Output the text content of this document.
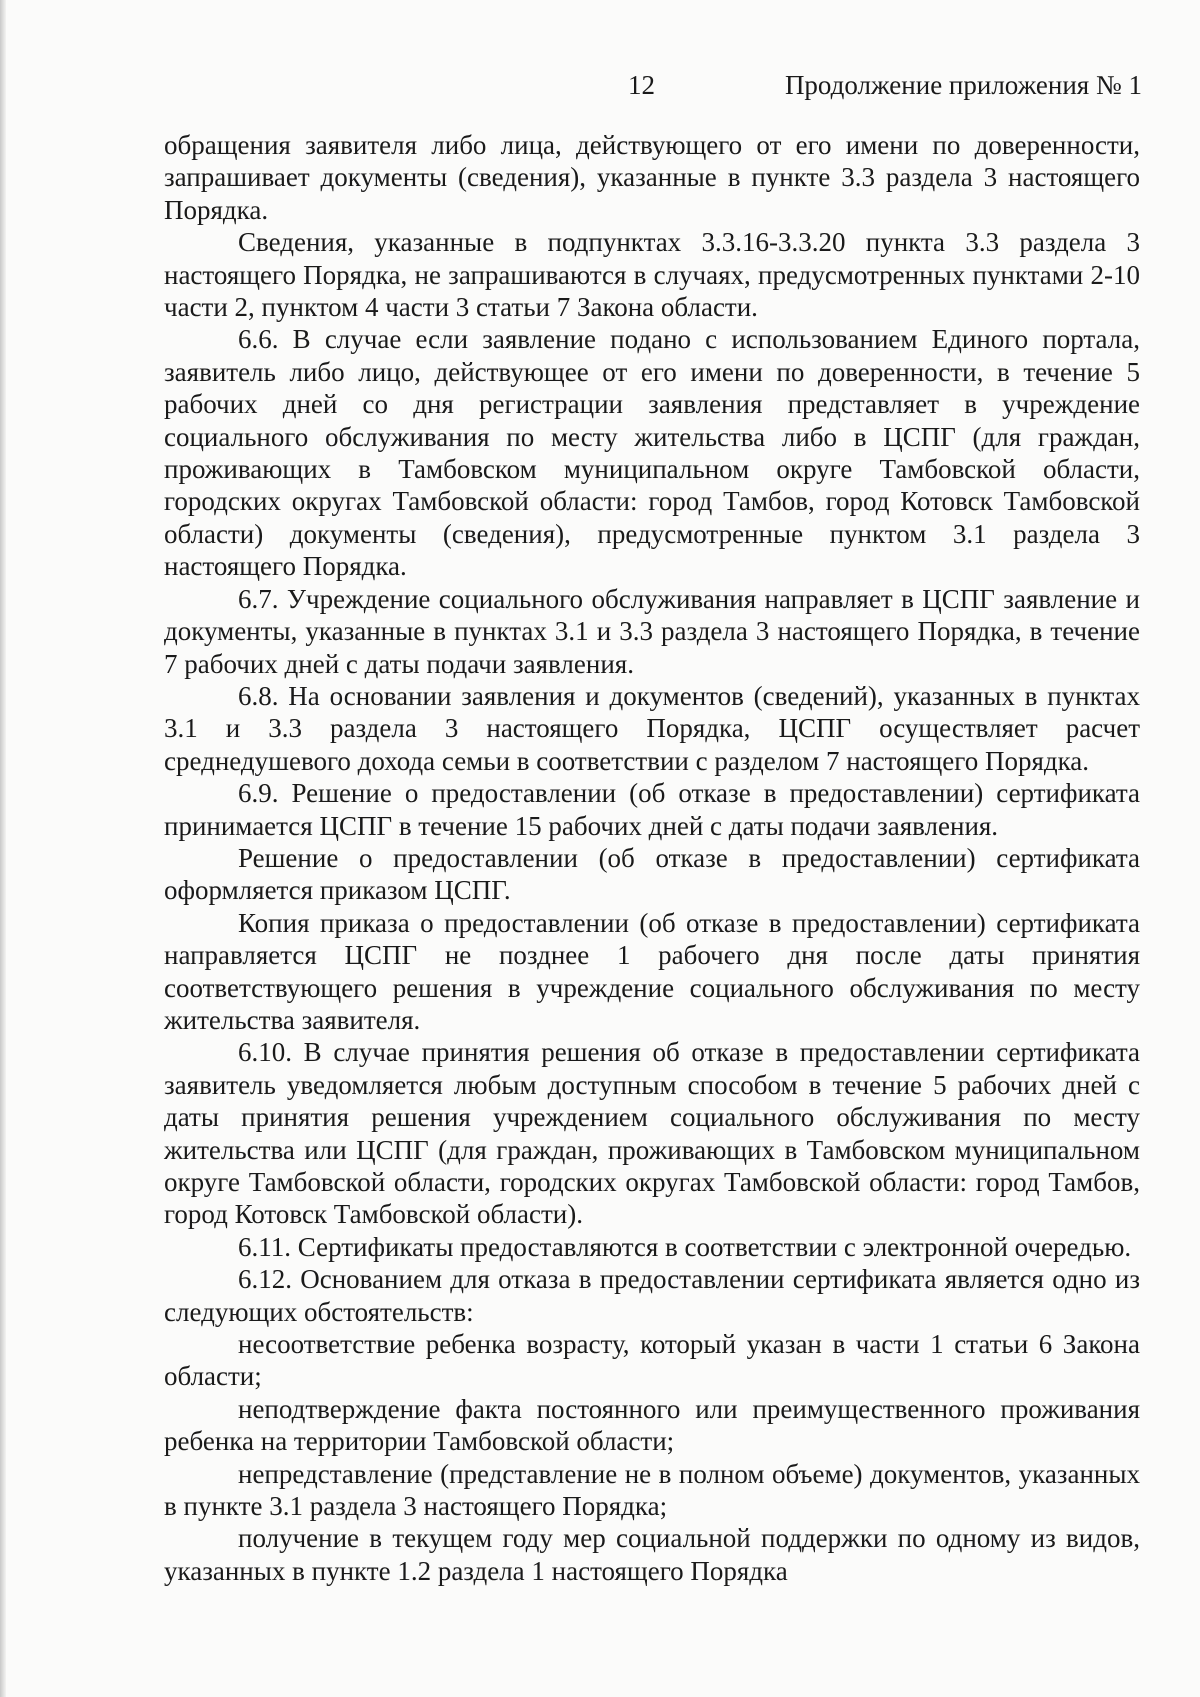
12	Продолжение приложения № 1

обращения заявителя либо лица, действующего от его имени по доверенности, запрашивает документы (сведения), указанные в пункте 3.3 раздела 3 настоящего Порядка.

Сведения, указанные в подпунктах 3.3.16-3.3.20 пункта 3.3 раздела 3 настоящего Порядка, не запрашиваются в случаях, предусмотренных пунктами 2-10 части 2, пунктом 4 части 3 статьи 7 Закона области.

6.6. В случае если заявление подано с использованием Единого портала, заявитель либо лицо, действующее от его имени по доверенности, в течение 5 рабочих дней со дня регистрации заявления представляет в учреждение социального обслуживания по месту жительства либо в ЦСПГ (для граждан, проживающих в Тамбовском муниципальном округе Тамбовской области, городских округах Тамбовской области: город Тамбов, город Котовск Тамбовской области) документы (сведения), предусмотренные пунктом 3.1 раздела 3 настоящего Порядка.

6.7. Учреждение социального обслуживания направляет в ЦСПГ заявление и документы, указанные в пунктах 3.1 и 3.3 раздела 3 настоящего Порядка, в течение 7 рабочих дней с даты подачи заявления.

6.8. На основании заявления и документов (сведений), указанных в пунктах 3.1 и 3.3 раздела 3 настоящего Порядка, ЦСПГ осуществляет расчет среднедушевого дохода семьи в соответствии с разделом 7 настоящего Порядка.

6.9. Решение о предоставлении (об отказе в предоставлении) сертификата принимается ЦСПГ в течение 15 рабочих дней с даты подачи заявления.

Решение о предоставлении (об отказе в предоставлении) сертификата оформляется приказом ЦСПГ.

Копия приказа о предоставлении (об отказе в предоставлении) сертификата направляется ЦСПГ не позднее 1 рабочего дня после даты принятия соответствующего решения в учреждение социального обслуживания по месту жительства заявителя.

6.10. В случае принятия решения об отказе в предоставлении сертификата заявитель уведомляется любым доступным способом в течение 5 рабочих дней с даты принятия решения учреждением социального обслуживания по месту жительства или ЦСПГ (для граждан, проживающих в Тамбовском муниципальном округе Тамбовской области, городских округах Тамбовской области: город Тамбов, город Котовск Тамбовской области).

6.11. Сертификаты предоставляются в соответствии с электронной очередью.

6.12. Основанием для отказа в предоставлении сертификата является одно из следующих обстоятельств:

несоответствие ребенка возрасту, который указан в части 1 статьи 6 Закона области;

неподтверждение факта постоянного или преимущественного проживания ребенка на территории Тамбовской области;

непредставление (представление не в полном объеме) документов, указанных в пункте 3.1 раздела 3 настоящего Порядка;

получение в текущем году мер социальной поддержки по одному из видов, указанных в пункте 1.2 раздела 1 настоящего Порядка
